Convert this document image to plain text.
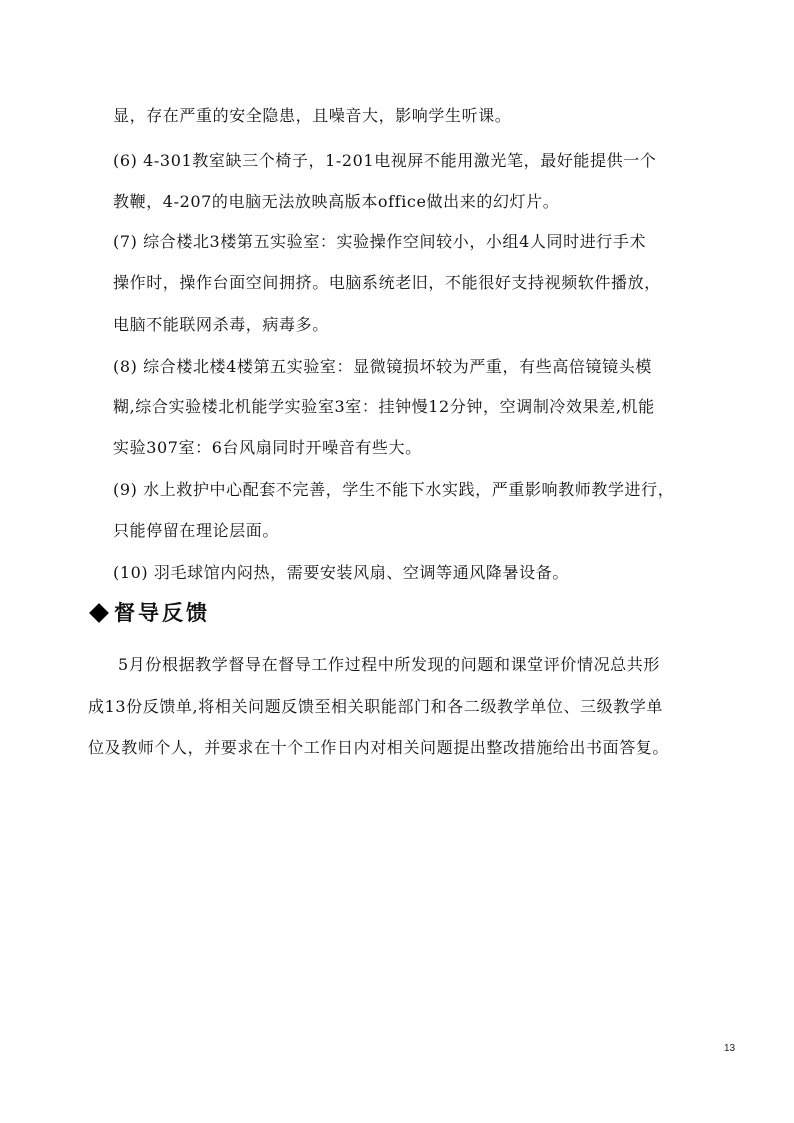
显，存在严重的安全隐患，且噪音大，影响学生听课。
(6) 4-301教室缺三个椅子，1-201电视屏不能用激光笔，最好能提供一个
教鞭，4-207的电脑无法放映高版本office做出来的幻灯片。
(7) 综合楼北3楼第五实验室：实验操作空间较小，小组4人同时进行手术
操作时，操作台面空间拥挤。电脑系统老旧，不能很好支持视频软件播放，
电脑不能联网杀毒，病毒多。
(8) 综合楼北楼4楼第五实验室：显微镜损坏较为严重，有些高倍镜镜头模
糊,综合实验楼北机能学实验室3室：挂钟慢12分钟，空调制冷效果差,机能
实验307室：6台风扇同时开噪音有些大。
(9) 水上救护中心配套不完善，学生不能下水实践，严重影响教师教学进行，
只能停留在理论层面。
(10) 羽毛球馆内闷热，需要安装风扇、空调等通风降暑设备。
督导反馈
5月份根据教学督导在督导工作过程中所发现的问题和课堂评价情况总共形
成13份反馈单,将相关问题反馈至相关职能部门和各二级教学单位、三级教学单
位及教师个人，并要求在十个工作日内对相关问题提出整改措施给出书面答复。
13
